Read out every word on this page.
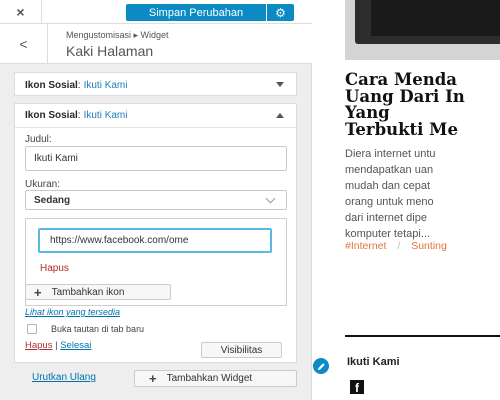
×	Simpan Perubahan	⚙
<
Mengustomisasi ▸ Widget
Kaki Halaman
Ikon Sosial : Ikuti Kami
Ikon Sosial : Ikuti Kami
Judul:
Ikuti Kami
Ukuran:
Sedang
https://www.facebook.com/ome
Hapus
+ Tambahkan ikon
Lihat ikon yang tersedia
Buka tautan di tab baru
Hapus | Selesai	Visibilitas
Urutkan Ulang	+ Tambahkan Widget
Cara Menda
Uang Dari In
Yang
Terbukti Me
Diera internet untu
mendapatkan uan
mudah dan cepat
orang untuk meno
dari internet dipe
komputer tetapi...
#Internet / Sunting
Ikuti Kami
f
